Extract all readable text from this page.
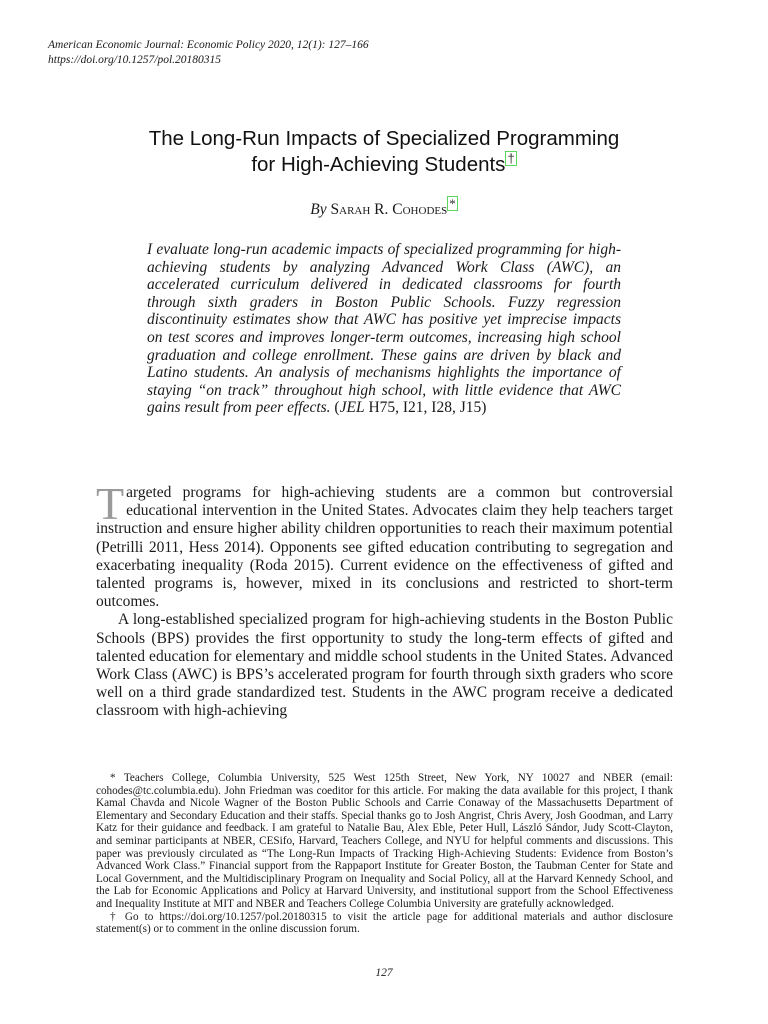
American Economic Journal: Economic Policy 2020, 12(1): 127–166
https://doi.org/10.1257/pol.20180315
The Long-Run Impacts of Specialized Programming
for High-Achieving Students †
By Sarah R. Cohodes *
I evaluate long-run academic impacts of specialized programming for high-achieving students by analyzing Advanced Work Class (AWC), an accelerated curriculum delivered in dedicated classrooms for fourth through sixth graders in Boston Public Schools. Fuzzy regression discontinuity estimates show that AWC has positive yet imprecise impacts on test scores and improves longer-term outcomes, increasing high school graduation and college enrollment. These gains are driven by black and Latino students. An analysis of mechanisms highlights the importance of staying “on track” throughout high school, with little evidence that AWC gains result from peer effects. (JEL H75, I21, I28, J15)

Targeted programs for high-achieving students are a common but controversial educational intervention in the United States. Advocates claim they help teachers target instruction and ensure higher ability children opportunities to reach their maximum potential (Petrilli 2011, Hess 2014). Opponents see gifted education contributing to segregation and exacerbating inequality (Roda 2015). Current evidence on the effectiveness of gifted and talented programs is, however, mixed in its conclusions and restricted to short-term outcomes.

A long-established specialized program for high-achieving students in the Boston Public Schools (BPS) provides the first opportunity to study the long-term effects of gifted and talented education for elementary and middle school students in the United States. Advanced Work Class (AWC) is BPS’s accelerated program for fourth through sixth graders who score well on a third grade standardized test. Students in the AWC program receive a dedicated classroom with high-achieving

* Teachers College, Columbia University, 525 West 125th Street, New York, NY 10027 and NBER (email: cohodes@tc.columbia.edu). John Friedman was coeditor for this article. For making the data available for this project, I thank Kamal Chavda and Nicole Wagner of the Boston Public Schools and Carrie Conaway of the Massachusetts Department of Elementary and Secondary Education and their staffs. Special thanks go to Josh Angrist, Chris Avery, Josh Goodman, and Larry Katz for their guidance and feedback. I am grateful to Natalie Bau, Alex Eble, Peter Hull, László Sándor, Judy Scott-Clayton, and seminar participants at NBER, CESifo, Harvard, Teachers College, and NYU for helpful comments and discussions. This paper was previously circulated as “The Long-Run Impacts of Tracking High-Achieving Students: Evidence from Boston’s Advanced Work Class.” Financial support from the Rappaport Institute for Greater Boston, the Taubman Center for State and Local Government, and the Multidisciplinary Program on Inequality and Social Policy, all at the Harvard Kennedy School, and the Lab for Economic Applications and Policy at Harvard University, and institutional support from the School Effectiveness and Inequality Institute at MIT and NBER and Teachers College Columbia University are gratefully acknowledged.

† Go to https://doi.org/10.1257/pol.20180315 to visit the article page for additional materials and author disclosure statement(s) or to comment in the online discussion forum.

127
